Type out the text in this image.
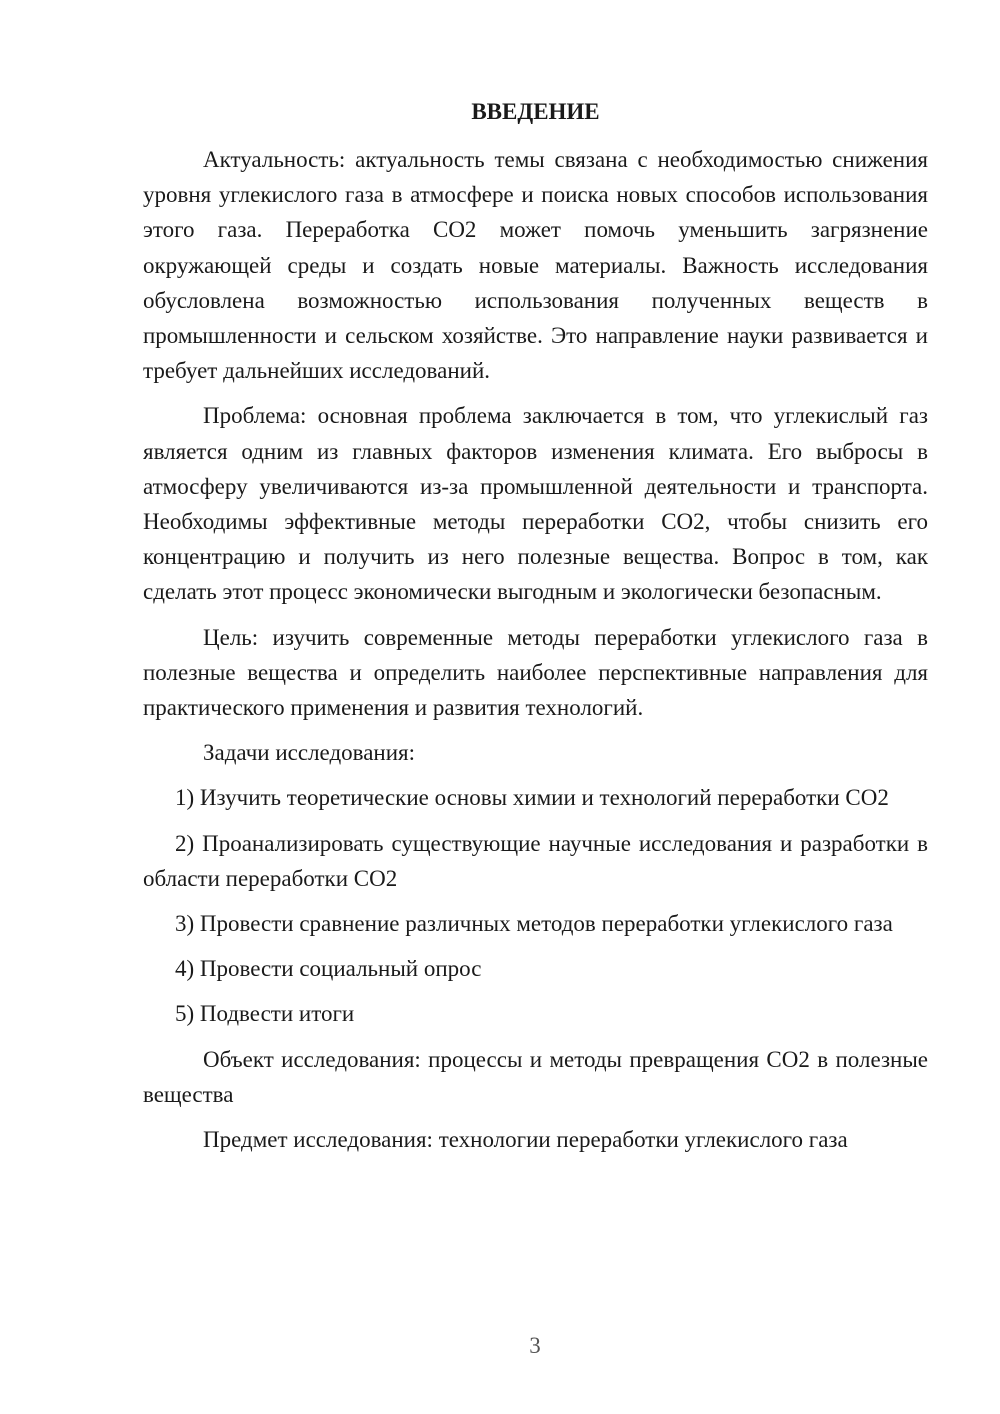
ВВЕДЕНИЕ

Актуальность: актуальность темы связана с необходимостью снижения уровня углекислого газа в атмосфере и поиска новых способов использования этого газа. Переработка CO2 может помочь уменьшить загрязнение окружающей среды и создать новые материалы. Важность исследования обусловлена возможностью использования полученных веществ в промышленности и сельском хозяйстве. Это направление науки развивается и требует дальнейших исследований.

Проблема: основная проблема заключается в том, что углекислый газ является одним из главных факторов изменения климата. Его выбросы в атмосферу увеличиваются из-за промышленной деятельности и транспорта. Необходимы эффективные методы переработки CO2, чтобы снизить его концентрацию и получить из него полезные вещества. Вопрос в том, как сделать этот процесс экономически выгодным и экологически безопасным.

Цель: изучить современные методы переработки углекислого газа в полезные вещества и определить наиболее перспективные направления для практического применения и развития технологий.

Задачи исследования:

1) Изучить теоретические основы химии и технологий переработки CO2

2) Проанализировать существующие научные исследования и разработки в области переработки CO2

3) Провести сравнение различных методов переработки углекислого газа

4) Провести социальный опрос

5) Подвести итоги

Объект исследования: процессы и методы превращения CO2 в полезные вещества

Предмет исследования: технологии переработки углекислого газа

3
